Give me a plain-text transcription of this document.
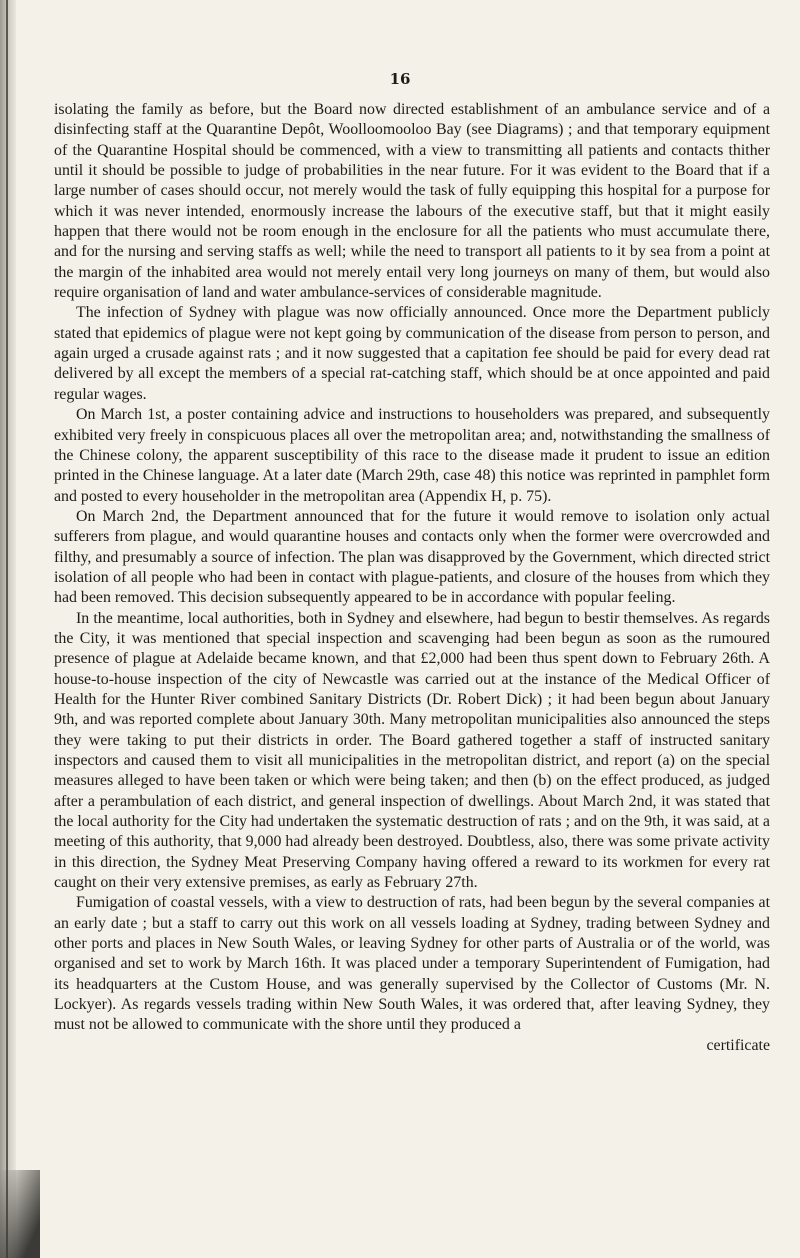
16

isolating the family as before, but the Board now directed establishment of an ambulance service and of a disinfecting staff at the Quarantine Depôt, Woolloomooloo Bay (see Diagrams) ; and that temporary equipment of the Quarantine Hospital should be commenced, with a view to transmitting all patients and contacts thither until it should be possible to judge of probabilities in the near future. For it was evident to the Board that if a large number of cases should occur, not merely would the task of fully equipping this hospital for a purpose for which it was never intended, enormously increase the labours of the executive staff, but that it might easily happen that there would not be room enough in the enclosure for all the patients who must accumulate there, and for the nursing and serving staffs as well; while the need to transport all patients to it by sea from a point at the margin of the inhabited area would not merely entail very long journeys on many of them, but would also require organisation of land and water ambulance-services of considerable magnitude.

The infection of Sydney with plague was now officially announced. Once more the Department publicly stated that epidemics of plague were not kept going by communication of the disease from person to person, and again urged a crusade against rats ; and it now suggested that a capitation fee should be paid for every dead rat delivered by all except the members of a special rat-catching staff, which should be at once appointed and paid regular wages.

On March 1st, a poster containing advice and instructions to householders was prepared, and subsequently exhibited very freely in conspicuous places all over the metropolitan area; and, notwithstanding the smallness of the Chinese colony, the apparent susceptibility of this race to the disease made it prudent to issue an edition printed in the Chinese language. At a later date (March 29th, case 48) this notice was reprinted in pamphlet form and posted to every householder in the metropolitan area (Appendix H, p. 75).

On March 2nd, the Department announced that for the future it would remove to isolation only actual sufferers from plague, and would quarantine houses and contacts only when the former were overcrowded and filthy, and presumably a source of infection. The plan was disapproved by the Government, which directed strict isolation of all people who had been in contact with plague-patients, and closure of the houses from which they had been removed. This decision subsequently appeared to be in accordance with popular feeling.

In the meantime, local authorities, both in Sydney and elsewhere, had begun to bestir themselves. As regards the City, it was mentioned that special inspection and scavenging had been begun as soon as the rumoured presence of plague at Adelaide became known, and that £2,000 had been thus spent down to February 26th. A house-to-house inspection of the city of Newcastle was carried out at the instance of the Medical Officer of Health for the Hunter River combined Sanitary Districts (Dr. Robert Dick) ; it had been begun about January 9th, and was reported complete about January 30th. Many metropolitan municipalities also announced the steps they were taking to put their districts in order. The Board gathered together a staff of instructed sanitary inspectors and caused them to visit all municipalities in the metropolitan district, and report (a) on the special measures alleged to have been taken or which were being taken; and then (b) on the effect produced, as judged after a perambulation of each district, and general inspection of dwellings. About March 2nd, it was stated that the local authority for the City had undertaken the systematic destruction of rats ; and on the 9th, it was said, at a meeting of this authority, that 9,000 had already been destroyed. Doubtless, also, there was some private activity in this direction, the Sydney Meat Preserving Company having offered a reward to its workmen for every rat caught on their very extensive premises, as early as February 27th.

Fumigation of coastal vessels, with a view to destruction of rats, had been begun by the several companies at an early date ; but a staff to carry out this work on all vessels loading at Sydney, trading between Sydney and other ports and places in New South Wales, or leaving Sydney for other parts of Australia or of the world, was organised and set to work by March 16th. It was placed under a temporary Superintendent of Fumigation, had its headquarters at the Custom House, and was generally supervised by the Collector of Customs (Mr. N. Lockyer). As regards vessels trading within New South Wales, it was ordered that, after leaving Sydney, they must not be allowed to communicate with the shore until they produced a

certificate
